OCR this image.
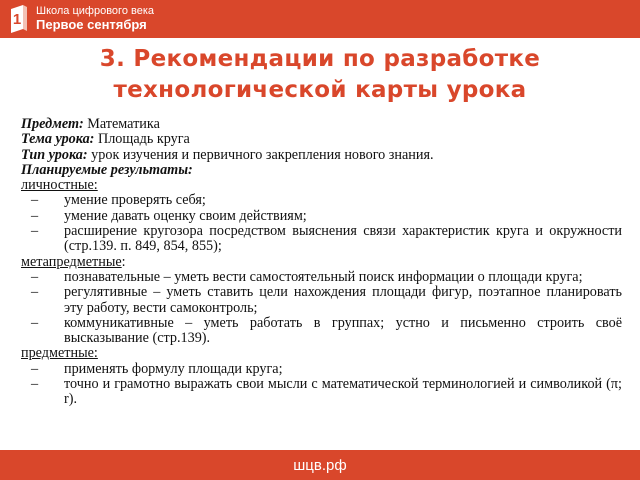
1 Школа цифрового века
Первое сентября
3. Рекомендации по разработке
технологической карты урока
Предмет: Математика
Тема урока: Площадь круга
Тип урока: урок изучения и первичного закрепления нового знания.
Планируемые результаты:
личностные:
– умение проверять себя;
– умение давать оценку своим действиям;
– расширение кругозора посредством выяснения связи характеристик круга и окружности (стр.139. п. 849, 854, 855);
метапредметные:
– познавательные – уметь вести самостоятельный поиск информации о площади круга;
– регулятивные – уметь ставить цели нахождения площади фигур, поэтапное планировать эту работу, вести самоконтроль;
– коммуникативные – уметь работать в группах; устно и письменно строить своё высказывание (стр.139).
предметные:
– применять формулу площади круга;
– точно и грамотно выражать свои мысли с математической терминологией и символикой (π; r).
шцв.рф
